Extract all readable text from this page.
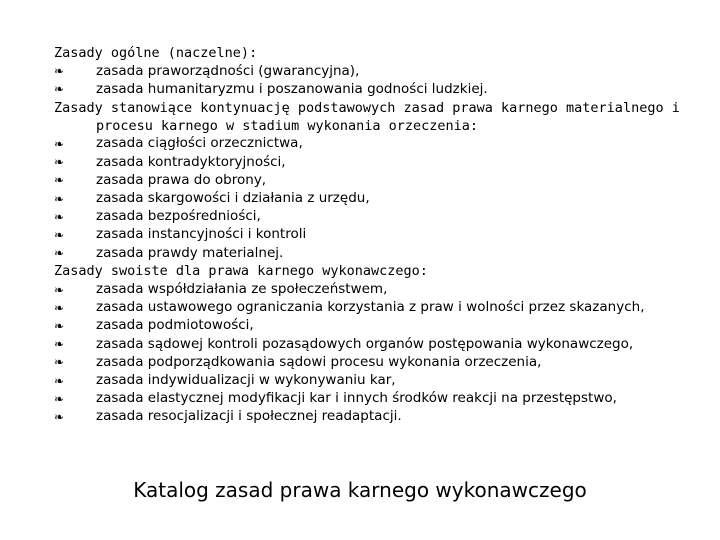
Zasady ogólne (naczelne):
❧	zasada praworządności (gwarancyjna),
❧	zasada humanitaryzmu i poszanowania godności ludzkiej.
Zasady stanowiące kontynuację podstawowych zasad prawa karnego materialnego i procesu karnego w stadium wykonania orzeczenia:
❧	zasada ciągłości orzecznictwa,
❧	zasada kontradyktoryjności,
❧	zasada prawa do obrony,
❧	zasada skargowości i działania z urzędu,
❧	zasada bezpośredniości,
❧	zasada instancyjności i kontroli
❧	zasada prawdy materialnej.
Zasady swoiste dla prawa karnego wykonawczego:
❧	zasada współdziałania ze społeczeństwem,
❧	zasada ustawowego ograniczania korzystania z praw i wolności przez skazanych,
❧	zasada podmiotowości,
❧	zasada sądowej kontroli pozasądowych organów postępowania wykonawczego,
❧	zasada podporządkowania sądowi procesu wykonania orzeczenia,
❧	zasada indywidualizacji w wykonywaniu kar,
❧	zasada elastycznej modyfikacji kar i innych środków reakcji na przestępstwo,
❧	zasada resocjalizacji i społecznej readaptacji.
Katalog zasad prawa karnego wykonawczego
